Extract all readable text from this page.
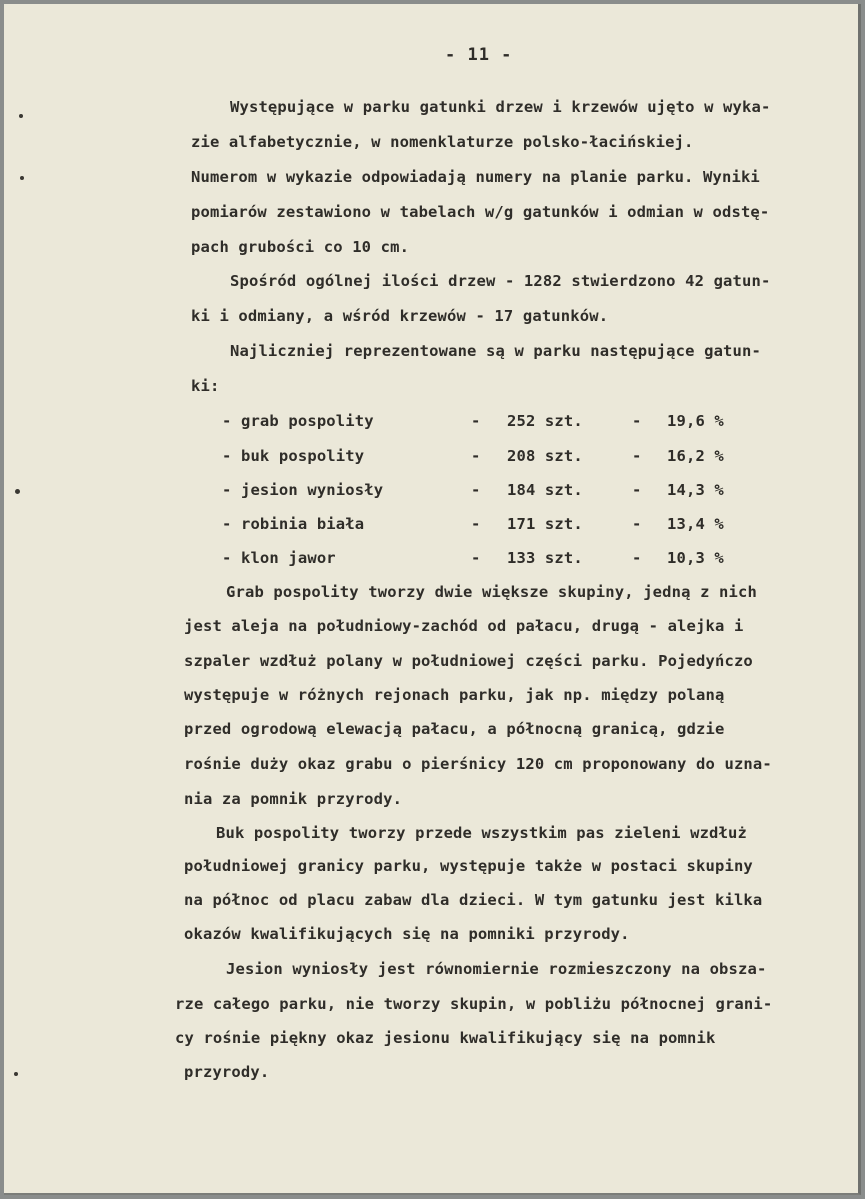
- 11 -
Występujące w parku gatunki drzew i krzewów ujęto w wyka-
zie alfabetycznie, w nomenklaturze polsko-łacińskiej.
Numerom w wykazie odpowiadają numery na planie parku. Wyniki
pomiarów zestawiono w tabelach w/g gatunków i odmian w odstę-
pach grubości co 10 cm.
Spośród ogólnej ilości drzew - 1282 stwierdzono 42 gatun-
ki i odmiany, a wśród krzewów - 17 gatunków.
Najliczniej reprezentowane są w parku następujące gatun-
ki:
- grab pospolity	- 252 szt.	- 19,6 %
- buk pospolity	- 208 szt.	- 16,2 %
- jesion wyniosły	- 184 szt.	- 14,3 %
- robinia biała	- 171 szt.	- 13,4 %
- klon jawor	- 133 szt.	- 10,3 %
Grab pospolity tworzy dwie większe skupiny, jedną z nich
jest aleja na południowy-zachód od pałacu, drugą - alejka i
szpaler wzdłuż polany w południowej części parku. Pojedyńczo
występuje w różnych rejonach parku, jak np. między polaną
przed ogrodową elewacją pałacu, a północną granicą, gdzie
rośnie duży okaz grabu o pierśnicy 120 cm proponowany do uzna-
nia za pomnik przyrody.
Buk pospolity tworzy przede wszystkim pas zieleni wzdłuż
południowej granicy parku, występuje także w postaci skupiny
na północ od placu zabaw dla dzieci. W tym gatunku jest kilka
okazów kwalifikujących się na pomniki przyrody.
Jesion wyniosły jest równomiernie rozmieszczony na obsza-
rze całego parku, nie tworzy skupin, w pobliżu północnej grani-
cy rośnie piękny okaz jesionu kwalifikujący się na pomnik
przyrody.
